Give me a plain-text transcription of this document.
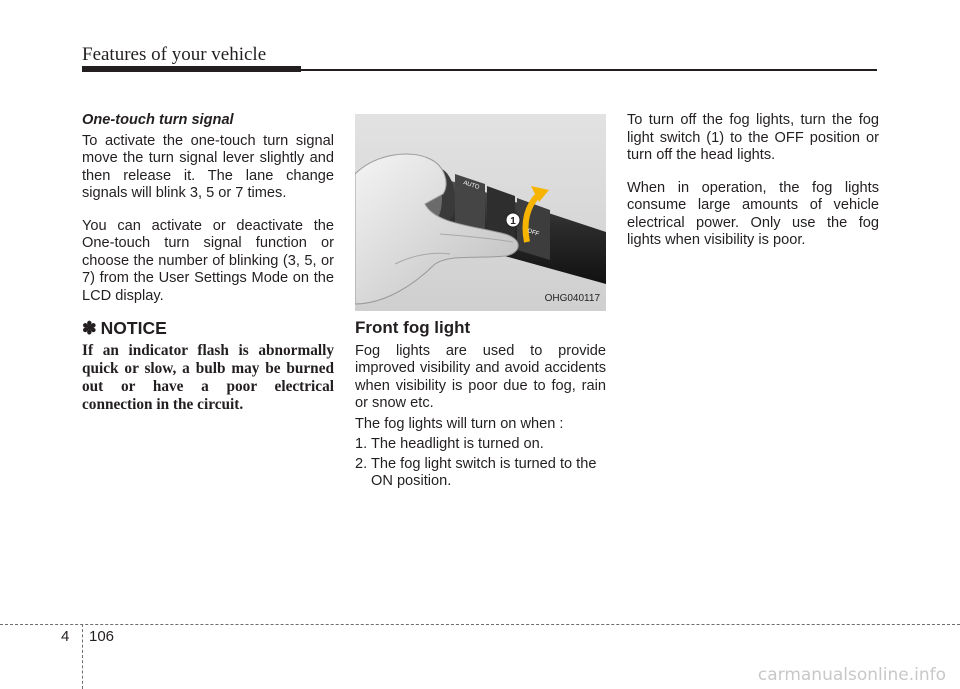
Features of your vehicle

One-touch turn signal

To activate the one-touch turn signal move the turn signal lever slightly and then release it. The lane change signals will blink 3, 5 or 7 times.

You can activate or deactivate the One-touch turn signal function or choose the number of blinking (3, 5, or 7) from the User Settings Mode on the LCD display.

✽ NOTICE

If an indicator flash is abnormally quick or slow, a bulb may be burned out or have a poor electrical connection in the circuit.

1
AUTO
OFF
OHG040117
Front fog light

Fog lights are used to provide improved visibility and avoid accidents when visibility is poor due to fog, rain or snow etc.

The fog lights will turn on when :

1. The headlight is turned on.
2. The fog light switch is turned to the ON position.

To turn off the fog lights, turn the fog light switch (1) to the OFF position or turn off the head lights.

When in operation, the fog lights consume large amounts of vehicle electrical power. Only use the fog lights when visibility is poor.

4 106
carmanualsonline.info
